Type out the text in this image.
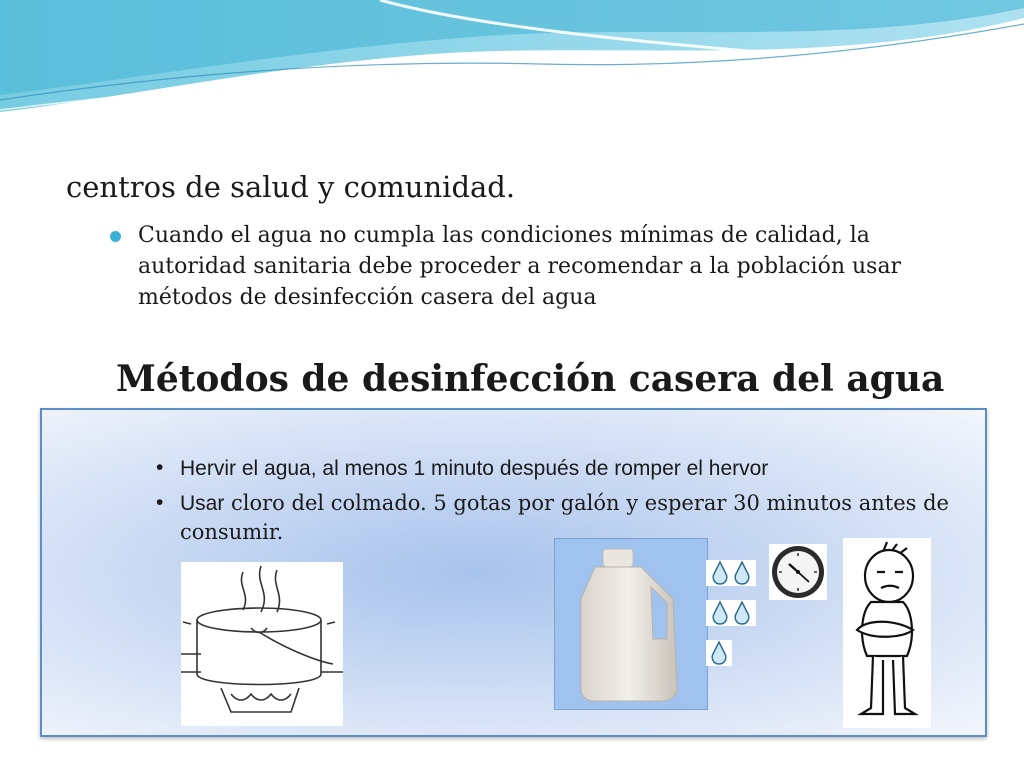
centros de salud y comunidad.

Cuando el agua no cumpla las condiciones mínimas de calidad, la autoridad sanitaria debe proceder a recomendar a la población usar métodos de desinfección casera del agua
Métodos de desinfección casera del agua
• Hervir el agua, al menos 1 minuto después de romper el hervor
• Usar cloro del colmado. 5 gotas por galón y esperar 30 minutos antes de consumir.
